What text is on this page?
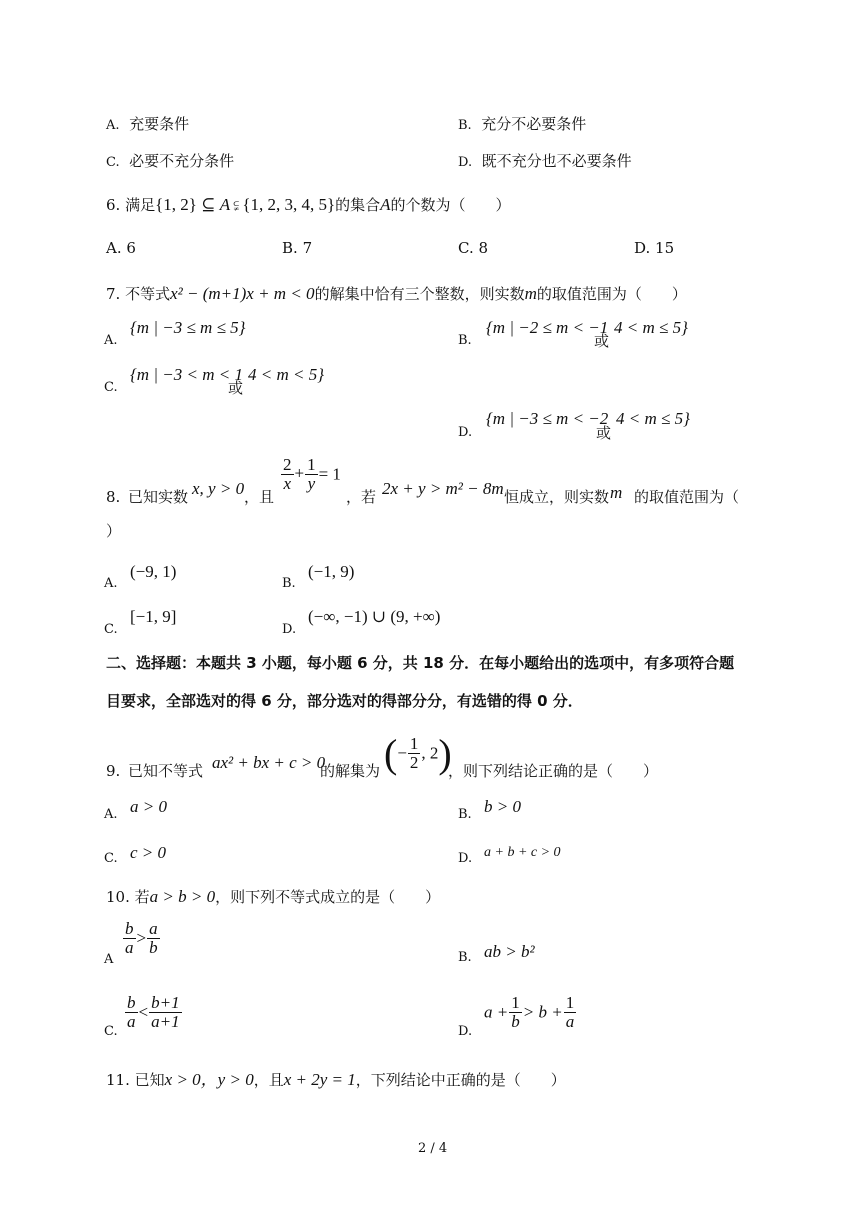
A. 充要条件	B. 充分不必要条件
C. 必要不充分条件	D. 既不充分也不必要条件
6. 满足{1, 2} ⊆ A ⫋ {1, 2, 3, 4, 5}的集合A的个数为（　　）
A. 6	B. 7	C. 8	D. 15
7. 不等式x² − (m+1)x + m < 0的解集中恰有三个整数，则实数m的取值范围为（　　）
A.
{m | −3 ≤ m ≤ 5}
B.
{m | −2 ≤ m < −1
或
4 < m ≤ 5}
C.
{m | −3 < m < 1
或
4 < m < 5}
D.
{m | −3 ≤ m < −2
或
4 < m ≤ 5}
8. 已知实数 x, y > 0 ，且
$\frac{2}{x} + \frac{1}{y} = 1$
，若 2x + y > m² − 8m 恒成立，则实数 m 的取值范围为（
）
A.
(−9, 1)
B.
(−1, 9)
C.
[−1, 9]
D.
(−∞, −1) ∪ (9, +∞)
二、选择题：本题共 3 小题，每小题 6 分，共 18 分．在每小题给出的选项中，有多项符合题
目要求，全部选对的得 6 分，部分选对的得部分分，有选错的得 0 分．
9. 已知不等式 ax² + bx + c > 0
的解集为 (− $\frac{1}{2}$ , 2)
，则下列结论正确的是（　　）
A. a > 0	B. b > 0
C. c > 0	D. a + b + c > 0
10. 若a > b > 0，则下列不等式成立的是（　　）
A
$\frac{b}{a} > \frac{a}{b}$
B. ab > b²
C.
$\frac{b}{a} < \frac{b+1}{a+1}$
D.
$a + \frac{1}{b} > b + \frac{1}{a}$
11. 已知x > 0，y > 0，且x + 2y = 1，下列结论中正确的是（　　）
2 / 4
